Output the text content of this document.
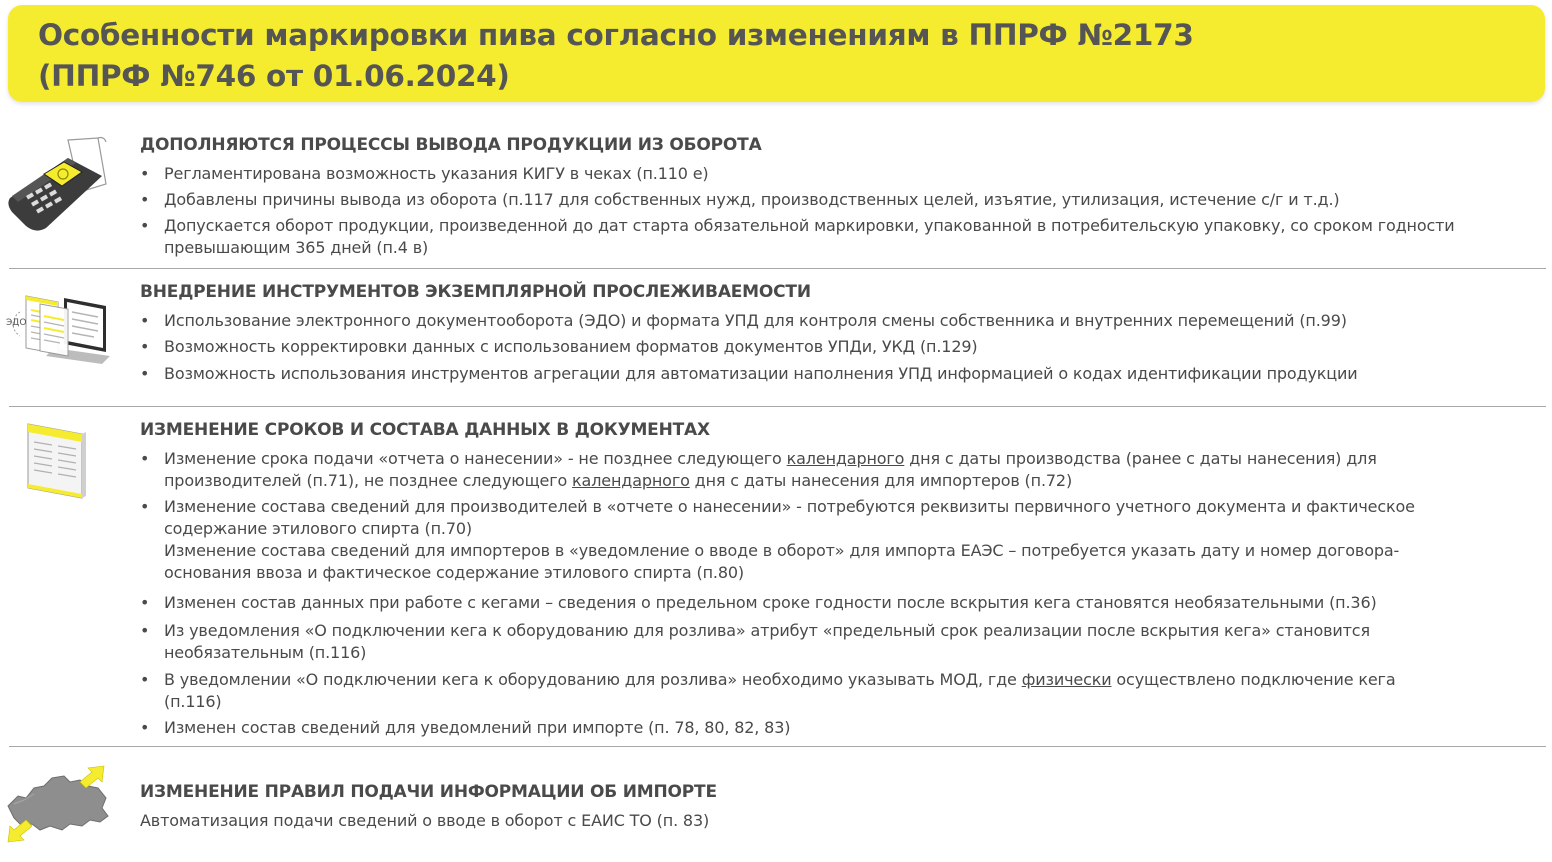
Особенности маркировки пива согласно изменениям в ППРФ №2173
(ППРФ №746 от 01.06.2024)
ДОПОЛНЯЮТСЯ ПРОЦЕССЫ ВЫВОДА ПРОДУКЦИИ ИЗ ОБОРОТА
• Регламентирована возможность указания КИГУ в чеках (п.110 е)
• Добавлены причины вывода из оборота (п.117 для собственных нужд, производственных целей, изъятие, утилизация, истечение с/г и т.д.)
• Допускается оборот продукции, произведенной до дат старта обязательной маркировки, упакованной в потребительскую упаковку, со сроком годности
превышающим 365 дней (п.4 в)
ЭДО
ВНЕДРЕНИЕ ИНСТРУМЕНТОВ ЭКЗЕМПЛЯРНОЙ ПРОСЛЕЖИВАЕМОСТИ
• Использование электронного документооборота (ЭДО) и формата УПД для контроля смены собственника и внутренних перемещений (п.99)
• Возможность корректировки данных с использованием форматов документов УПДи, УКД (п.129)
• Возможность использования инструментов агрегации для автоматизации наполнения УПД информацией о кодах идентификации продукции
ИЗМЕНЕНИЕ СРОКОВ И СОСТАВА ДАННЫХ В ДОКУМЕНТАХ
• Изменение срока подачи «отчета о нанесении» - не позднее следующего календарного дня с даты производства (ранее с даты нанесения) для
производителей (п.71), не позднее следующего календарного дня с даты нанесения для импортеров (п.72)
• Изменение состава сведений для производителей в «отчете о нанесении» - потребуются реквизиты первичного учетного документа и фактическое
содержание этилового спирта (п.70)
Изменение состава сведений для импортеров в «уведомление о вводе в оборот» для импорта ЕАЭС – потребуется указать дату и номер договора-
основания ввоза и фактическое содержание этилового спирта (п.80)
• Изменен состав данных при работе с кегами – сведения о предельном сроке годности после вскрытия кега становятся необязательными (п.36)
• Из уведомления «О подключении кега к оборудованию для розлива» атрибут «предельный срок реализации после вскрытия кега» становится
необязательным (п.116)
• В уведомлении «О подключении кега к оборудованию для розлива» необходимо указывать МОД, где физически осуществлено подключение кега
(п.116)
• Изменен состав сведений для уведомлений при импорте (п. 78, 80, 82, 83)
ИЗМЕНЕНИЕ ПРАВИЛ ПОДАЧИ ИНФОРМАЦИИ ОБ ИМПОРТЕ
Автоматизация подачи сведений о вводе в оборот с ЕАИС ТО (п. 83)
